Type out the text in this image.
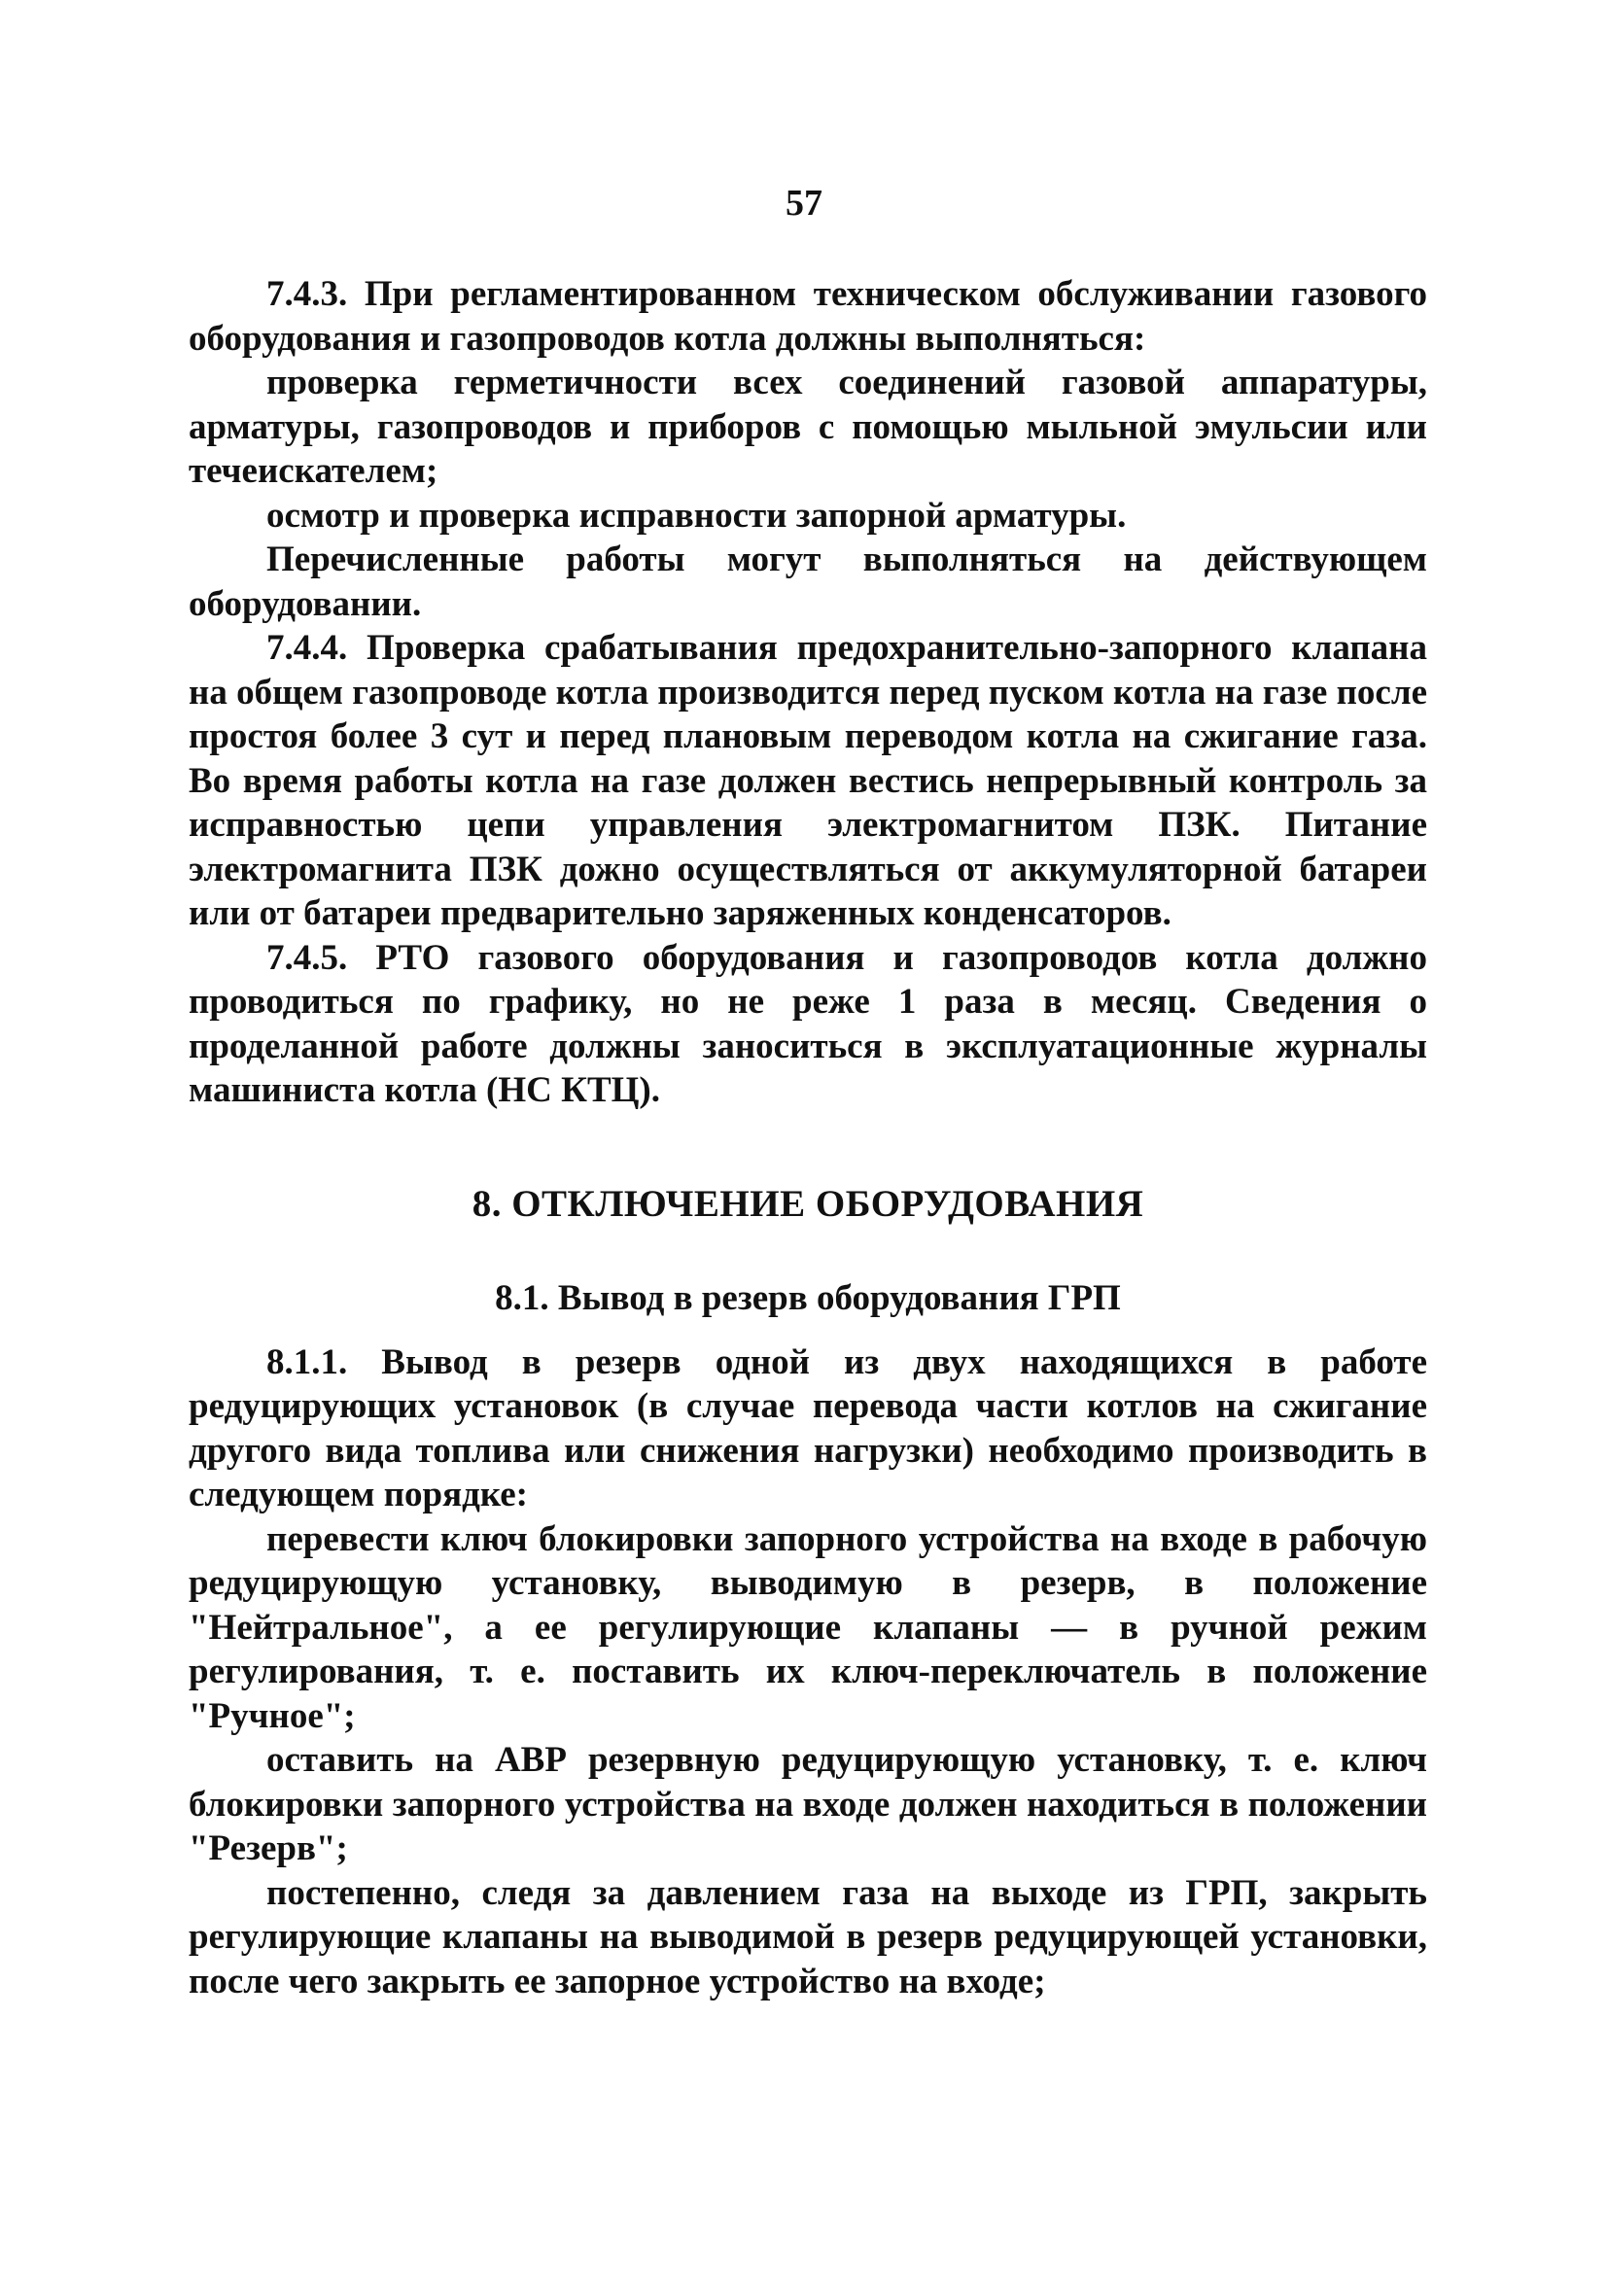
57

7.4.3. При регламентированном техническом обслуживании газового оборудования и газопроводов котла должны выполняться:

проверка герметичности всех соединений газовой аппаратуры, арматуры, газопроводов и приборов с помощью мыльной эмульсии или течеискателем;

осмотр и проверка исправности запорной арматуры.

Перечисленные работы могут выполняться на действующем оборудовании.

7.4.4. Проверка срабатывания предохранительно-запорного клапана на общем газопроводе котла производится перед пуском котла на газе после простоя более 3 сут и перед плановым переводом котла на сжигание газа. Во время работы котла на газе должен вестись непрерывный контроль за исправностью цепи управления электромагнитом ПЗК. Питание электромагнита ПЗК дожно осуществляться от аккумуляторной батареи или от батареи предварительно заряженных конденсаторов.

7.4.5. РТО газового оборудования и газопроводов котла должно проводиться по графику, но не реже 1 раза в месяц. Сведения о проделанной работе должны заноситься в эксплуатационные журналы машиниста котла (НС КТЦ).

8. ОТКЛЮЧЕНИЕ ОБОРУДОВАНИЯ
8.1. Вывод в резерв оборудования ГРП

8.1.1. Вывод в резерв одной из двух находящихся в работе редуцирующих установок (в случае перевода части котлов на сжигание другого вида топлива или снижения нагрузки) необходимо производить в следующем порядке:

перевести ключ блокировки запорного устройства на входе в рабочую редуцирующую установку, выводимую в резерв, в положение "Нейтральное", а ее регулирующие клапаны — в ручной режим регулирования, т. е. поставить их ключ-переключатель в положение "Ручное";

оставить на АВР резервную редуцирующую установку, т. е. ключ блокировки запорного устройства на входе должен находиться в положении "Резерв";

постепенно, следя за давлением газа на выходе из ГРП, закрыть регулирующие клапаны на выводимой в резерв редуцирующей установки, после чего закрыть ее запорное устройство на входе;
